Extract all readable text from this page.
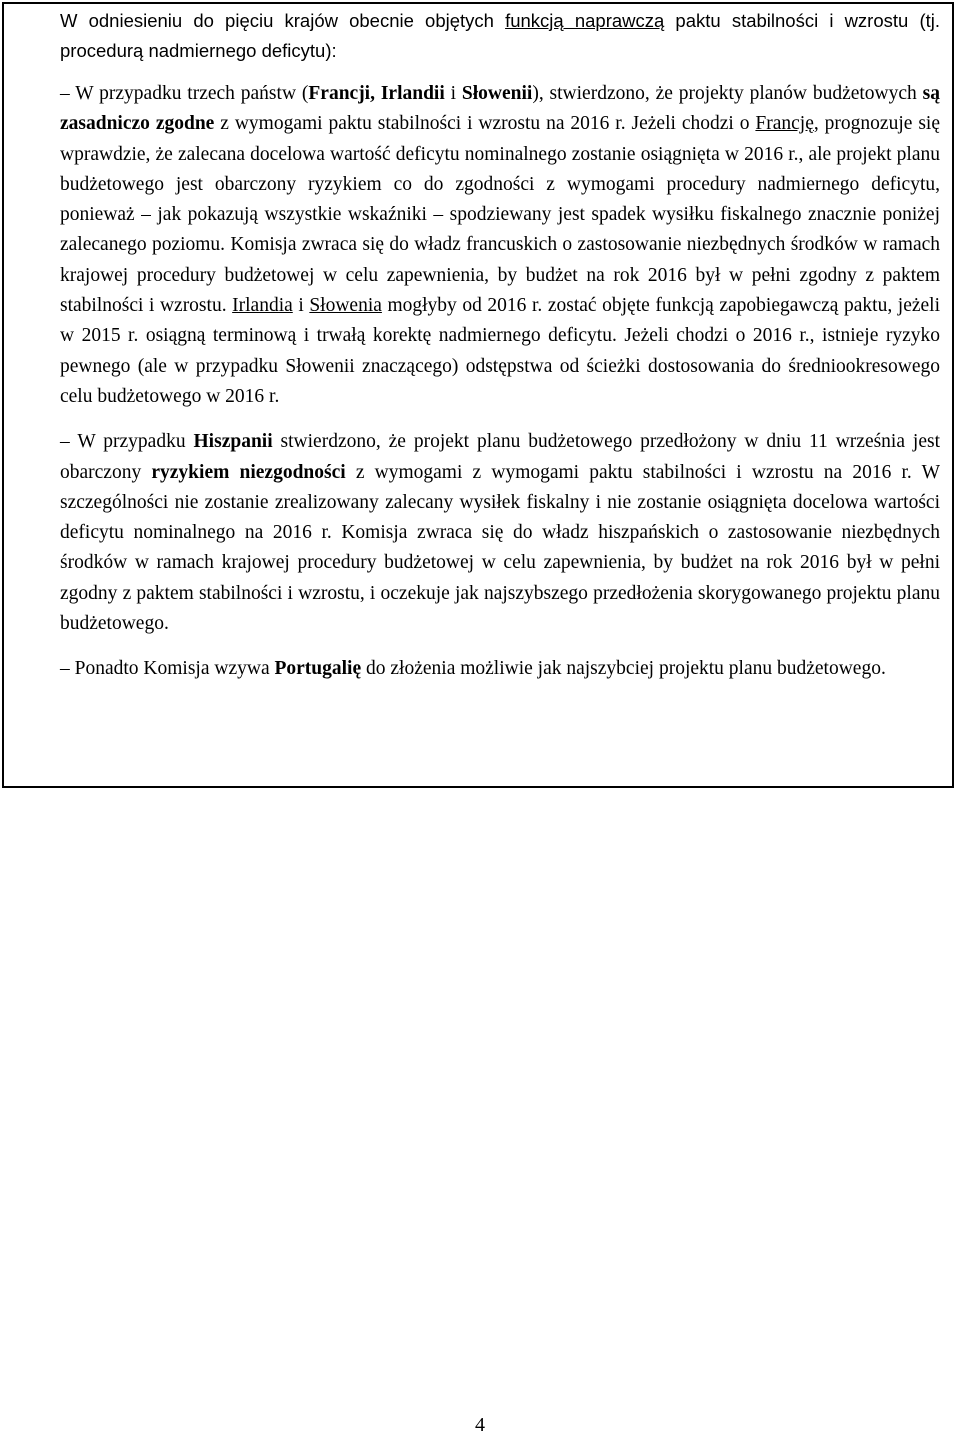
W odniesieniu do pięciu krajów obecnie objętych funkcją naprawczą paktu stabilności i wzrostu (tj. procedurą nadmiernego deficytu):

– W przypadku trzech państw (Francji, Irlandii i Słowenii), stwierdzono, że projekty planów budżetowych są zasadniczo zgodne z wymogami paktu stabilności i wzrostu na 2016 r. Jeżeli chodzi o Francję, prognozuje się wprawdzie, że zalecana docelowa wartość deficytu nominalnego zostanie osiągnięta w 2016 r., ale projekt planu budżetowego jest obarczony ryzykiem co do zgodności z wymogami procedury nadmiernego deficytu, ponieważ – jak pokazują wszystkie wskaźniki – spodziewany jest spadek wysiłku fiskalnego znacznie poniżej zalecanego poziomu. Komisja zwraca się do władz francuskich o zastosowanie niezbędnych środków w ramach krajowej procedury budżetowej w celu zapewnienia, by budżet na rok 2016 był w pełni zgodny z paktem stabilności i wzrostu. Irlandia i Słowenia mogłyby od 2016 r. zostać objęte funkcją zapobiegawczą paktu, jeżeli w 2015 r. osiągną terminową i trwałą korektę nadmiernego deficytu. Jeżeli chodzi o 2016 r., istnieje ryzyko pewnego (ale w przypadku Słowenii znaczącego) odstępstwa od ścieżki dostosowania do średniookresowego celu budżetowego w 2016 r.

– W przypadku Hiszpanii stwierdzono, że projekt planu budżetowego przedłożony w dniu 11 września jest obarczony ryzykiem niezgodności z wymogami z wymogami paktu stabilności i wzrostu na 2016 r. W szczególności nie zostanie zrealizowany zalecany wysiłek fiskalny i nie zostanie osiągnięta docelowa wartości deficytu nominalnego na 2016 r. Komisja zwraca się do władz hiszpańskich o zastosowanie niezbędnych środków w ramach krajowej procedury budżetowej w celu zapewnienia, by budżet na rok 2016 był w pełni zgodny z paktem stabilności i wzrostu, i oczekuje jak najszybszego przedłożenia skorygowanego projektu planu budżetowego.

– Ponadto Komisja wzywa Portugalię do złożenia możliwie jak najszybciej projektu planu budżetowego.

4
